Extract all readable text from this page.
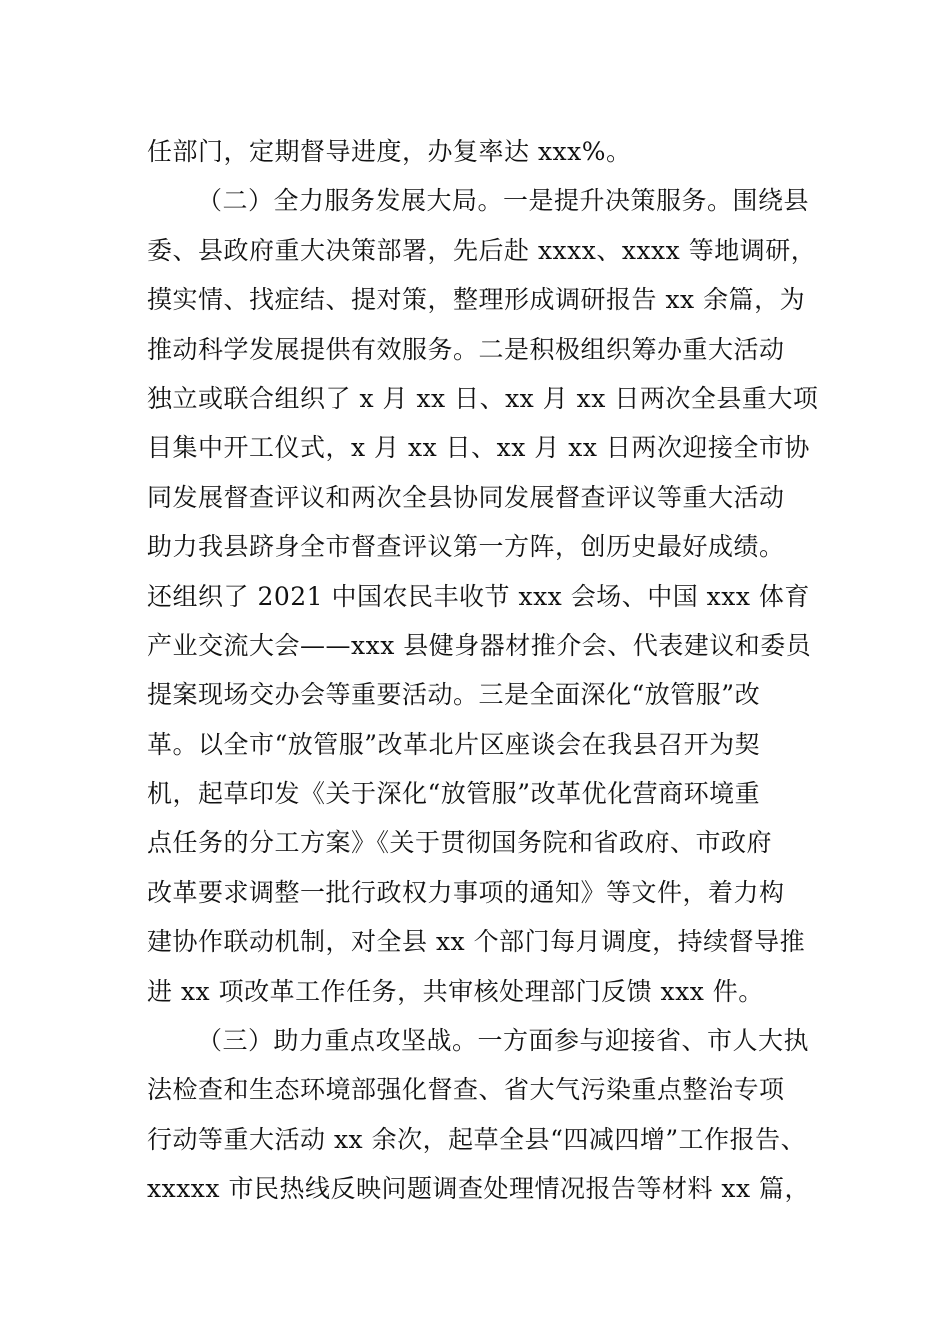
任部门，定期督导进度，办复率达 xxx%。
（二）全力服务发展大局。一是提升决策服务。围绕县
委、县政府重大决策部署，先后赴 xxxx、xxxx 等地调研，
摸实情、找症结、提对策，整理形成调研报告 xx 余篇，为
推动科学发展提供有效服务。二是积极组织筹办重大活动
独立或联合组织了 x 月 xx 日、xx 月 xx 日两次全县重大项
目集中开工仪式，x 月 xx 日、xx 月 xx 日两次迎接全市协
同发展督查评议和两次全县协同发展督查评议等重大活动
助力我县跻身全市督查评议第一方阵，创历史最好成绩。
还组织了 2021 中国农民丰收节 xxx 会场、中国 xxx 体育
产业交流大会——xxx 县健身器材推介会、代表建议和委员
提案现场交办会等重要活动。三是全面深化“放管服”改
革。以全市“放管服”改革北片区座谈会在我县召开为契
机，起草印发《关于深化“放管服”改革优化营商环境重
点任务的分工方案》《关于贯彻国务院和省政府、市政府
改革要求调整一批行政权力事项的通知》等文件，着力构
建协作联动机制，对全县 xx 个部门每月调度，持续督导推
进 xx 项改革工作任务，共审核处理部门反馈 xxx 件。
（三）助力重点攻坚战。一方面参与迎接省、市人大执
法检查和生态环境部强化督查、省大气污染重点整治专项
行动等重大活动 xx 余次，起草全县“四减四增”工作报告、
xxxxx 市民热线反映问题调查处理情况报告等材料 xx 篇，
